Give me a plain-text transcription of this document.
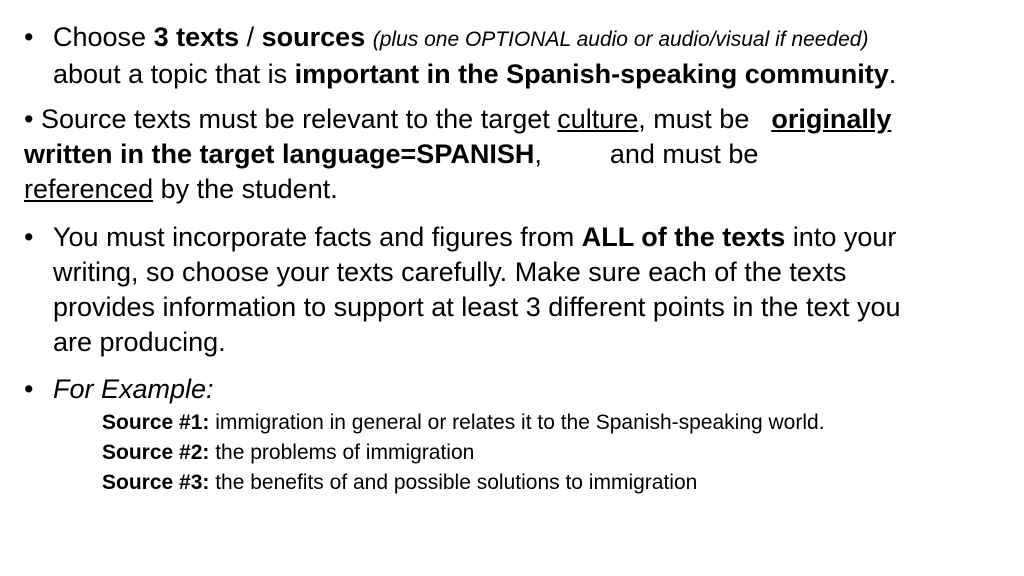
• Choose 3 texts / sources (plus one OPTIONAL audio or audio/visual if needed)
about a topic that is important in the Spanish-speaking community.
• Source texts must be relevant to the target culture, must be originally
written in the target language=SPANISH,	and must be
referenced by the student.
• You must incorporate facts and figures from ALL of the texts into your
writing, so choose your texts carefully. Make sure each of the texts
provides information to support at least 3 different points in the text you
are producing.
• For Example:
Source #1: immigration in general or relates it to the Spanish-speaking world.
Source #2: the problems of immigration
Source #3: the benefits of and possible solutions to immigration
